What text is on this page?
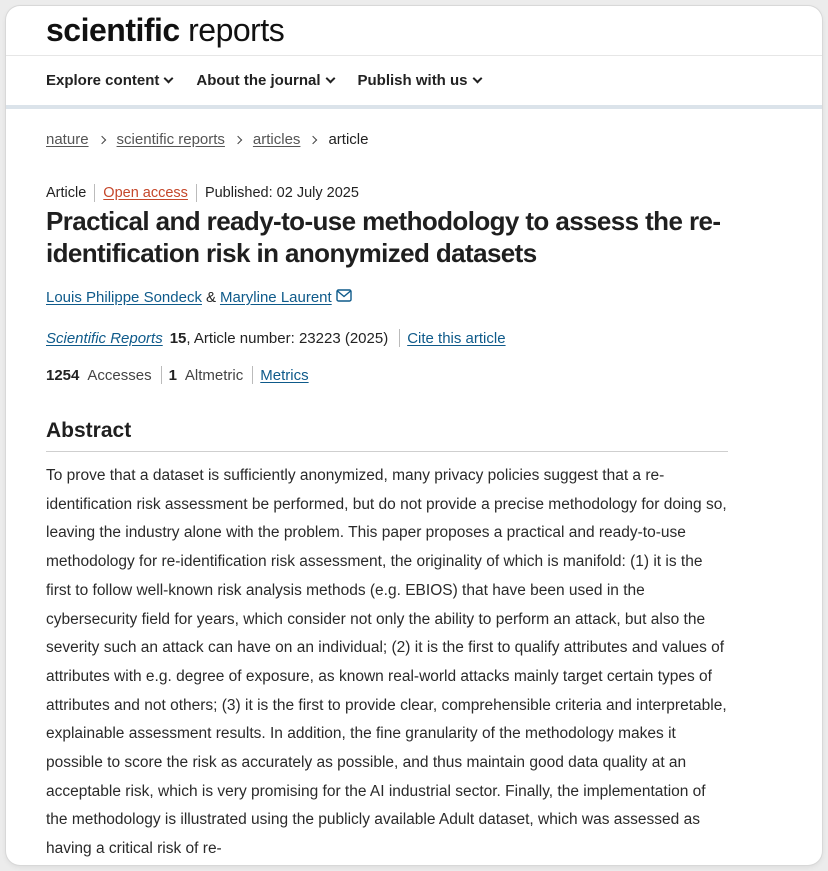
scientific reports
Explore content About the journal Publish with us
nature scientific reports articles article
Article Open access Published: 02 July 2025
Practical and ready-to-use methodology to assess the re-identification risk in anonymized datasets
Louis Philippe Sondeck & Maryline Laurent
Scientific Reports 15 , Article number: 23223 (2025) Cite this article
1254 Accesses 1 Altmetric Metrics
Abstract

To prove that a dataset is sufficiently anonymized, many privacy policies suggest that a re-identification risk assessment be performed, but do not provide a precise methodology for doing so, leaving the industry alone with the problem. This paper proposes a practical and ready-to-use methodology for re-identification risk assessment, the originality of which is manifold: (1) it is the first to follow well-known risk analysis methods (e.g. EBIOS) that have been used in the cybersecurity field for years, which consider not only the ability to perform an attack, but also the severity such an attack can have on an individual; (2) it is the first to qualify attributes and values of attributes with e.g. degree of exposure, as known real-world attacks mainly target certain types of attributes and not others; (3) it is the first to provide clear, comprehensible criteria and interpretable, explainable assessment results. In addition, the fine granularity of the methodology makes it possible to score the risk as accurately as possible, and thus maintain good data quality at an acceptable risk, which is very promising for the AI industrial sector. Finally, the implementation of the methodology is illustrated using the publicly available Adult dataset, which was assessed as having a critical risk of re-
